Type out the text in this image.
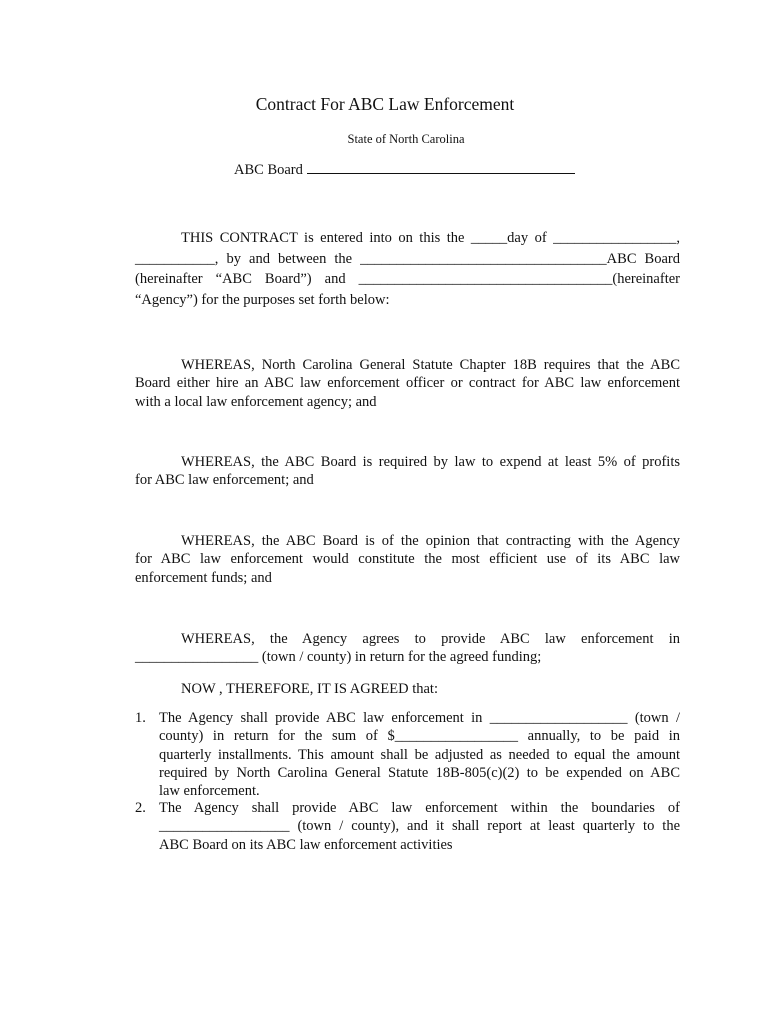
Contract For ABC Law Enforcement

State of North Carolina

ABC Board

THIS CONTRACT is entered into on this the _____day of _________________,
___________, by and between the __________________________________ABC Board
(hereinafter “ABC Board”) and ___________________________________(hereinafter
“Agency”) for the purposes set forth below:
WHEREAS, North Carolina General Statute Chapter 18B requires that the ABC
Board either hire an ABC law enforcement officer or contract for ABC law enforcement
with a local law enforcement agency; and
WHEREAS, the ABC Board is required by law to expend at least 5% of profits
for ABC law enforcement; and
WHEREAS, the ABC Board is of the opinion that contracting with the Agency
for ABC law enforcement would constitute the most efficient use of its ABC law
enforcement funds; and
WHEREAS, the Agency agrees to provide ABC law enforcement in
_________________ (town / county) in return for the agreed funding;

NOW , THEREFORE, IT IS AGREED that:

1. The Agency shall provide ABC law enforcement in ___________________ (town /
county) in return for the sum of $_________________ annually, to be paid in
quarterly installments. This amount shall be adjusted as needed to equal the amount
required by North Carolina General Statute 18B-805(c)(2) to be expended on ABC
law enforcement.
2. The Agency shall provide ABC law enforcement within the boundaries of
__________________ (town / county), and it shall report at least quarterly to the
ABC Board on its ABC law enforcement activities
